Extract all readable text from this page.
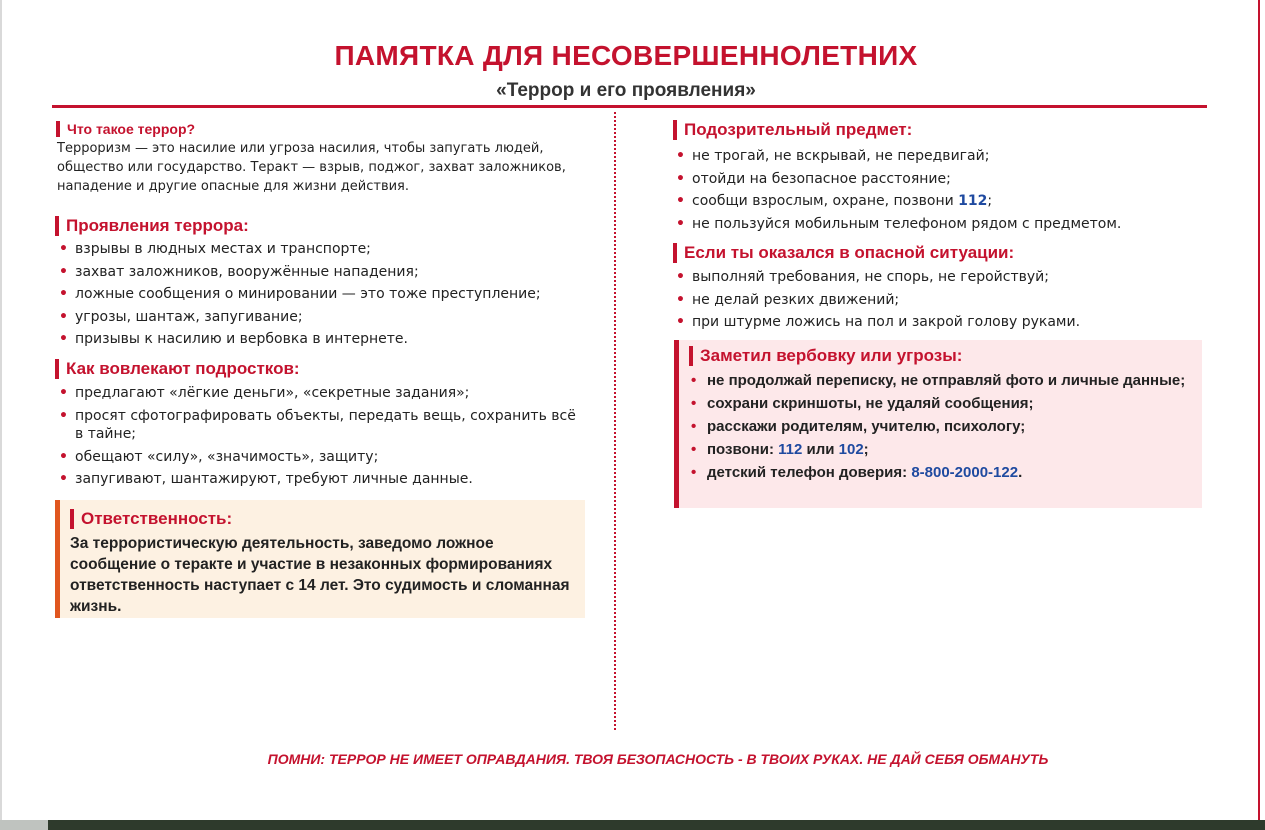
ПАМЯТКА ДЛЯ НЕСОВЕРШЕННОЛЕТНИХ
«Террор и его проявления»
Что такое террор?
Терроризм — это насилие или угроза насилия, чтобы запугать людей,
общество или государство. Теракт — взрыв, поджог, захват заложников,
нападение и другие опасные для жизни действия.
Проявления террора:
• взрывы в людных местах и транспорте;
• захват заложников, вооружённые нападения;
• ложные сообщения о минировании — это тоже преступление;
• угрозы, шантаж, запугивание;
• призывы к насилию и вербовка в интернете.
Как вовлекают подростков:
• предлагают «лёгкие деньги», «секретные задания»;
• просят сфотографировать объекты, передать вещь, сохранить всё в тайне;
• обещают «силу», «значимость», защиту;
• запугивают, шантажируют, требуют личные данные.
Ответственность:

За террористическую деятельность, заведомо ложное сообщение о теракте и участие в незаконных формированиях ответственность наступает с 14 лет. Это судимость и сломанная жизнь.

Подозрительный предмет:
• не трогай, не вскрывай, не передвигай;
• отойди на безопасное расстояние;
• сообщи взрослым, охране, позвони 112;
• не пользуйся мобильным телефоном рядом с предметом.
Если ты оказался в опасной ситуации:
• выполняй требования, не спорь, не геройствуй;
• не делай резких движений;
• при штурме ложись на пол и закрой голову руками.
Заметил вербовку или угрозы:
• не продолжай переписку, не отправляй фото и личные данные;
• сохрани скриншоты, не удаляй сообщения;
• расскажи родителям, учителю, психологу;
• позвони: 112 или 102;
• детский телефон доверия: 8-800-2000-122.

ПОМНИ: ТЕРРОР НЕ ИМЕЕТ ОПРАВДАНИЯ. ТВОЯ БЕЗОПАСНОСТЬ - В ТВОИХ РУКАХ. НЕ ДАЙ СЕБЯ ОБМАНУТЬ
